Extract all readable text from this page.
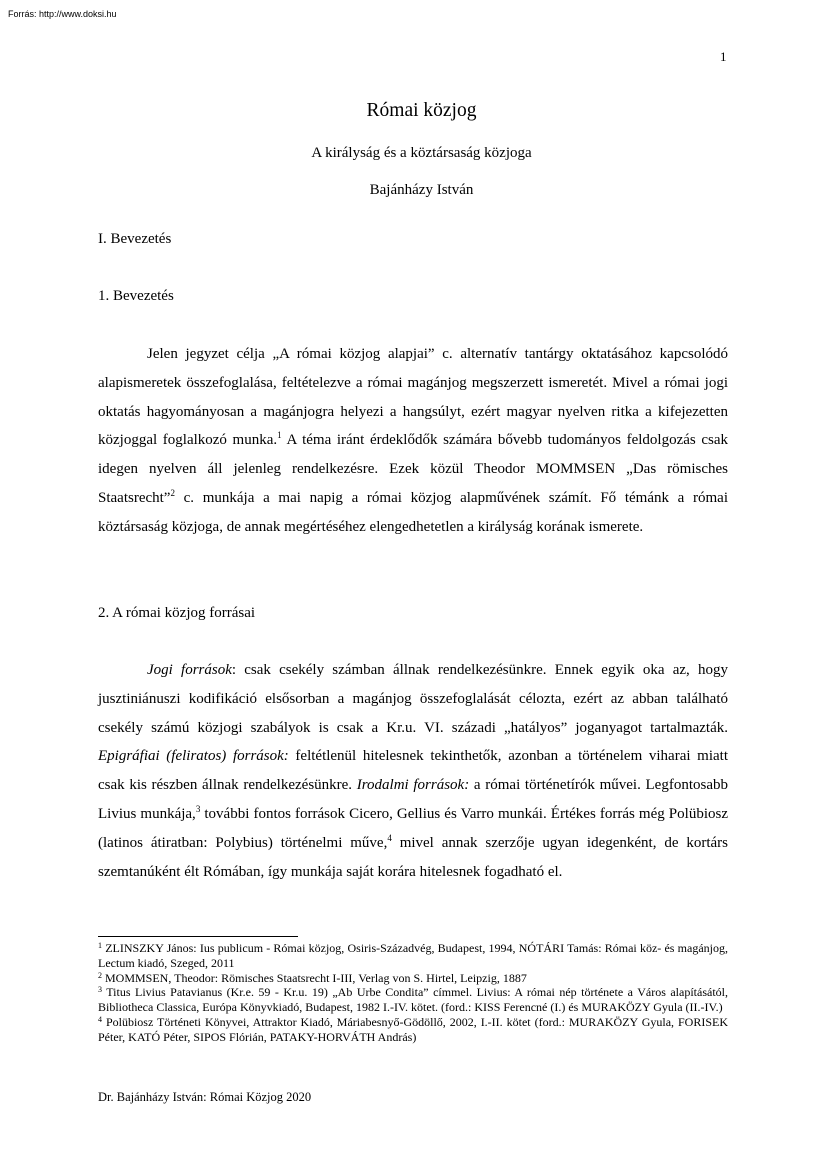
Forrás: http://www.doksi.hu
1
Római közjog
A királyság és a köztársaság közjoga
Bajánházy István
I. Bevezetés
1. Bevezetés

Jelen jegyzet célja „A római közjog alapjai” c. alternatív tantárgy oktatásához kapcsolódó alapismeretek összefoglalása, feltételezve a római magánjog megszerzett ismeretét. Mivel a római jogi oktatás hagyományosan a magánjogra helyezi a hangsúlyt, ezért magyar nyelven ritka a kifejezetten közjoggal foglalkozó munka.$^1$ A téma iránt érdeklődők számára bővebb tudományos feldolgozás csak idegen nyelven áll jelenleg rendelkezésre. Ezek közül Theodor MOMMSEN „Das römisches Staatsrecht”$^2$ c. munkája a mai napig a római közjog alapművének számít. Fő témánk a római köztársaság közjoga, de annak megértéséhez elengedhetetlen a királyság korának ismerete.

2. A római közjog forrásai

Jogi források: csak csekély számban állnak rendelkezésünkre. Ennek egyik oka az, hogy jusztiniánuszi kodifikáció elsősorban a magánjog összefoglalását célozta, ezért az abban található csekély számú közjogi szabályok is csak a Kr.u. VI. századi „hatályos” joganyagot tartalmazták. Epigráfiai (feliratos) források: feltétlenül hitelesnek tekinthetők, azonban a történelem viharai miatt csak kis részben állnak rendelkezésünkre. Irodalmi források: a római történetírók művei. Legfontosabb Livius munkája,$^3$ további fontos források Cicero, Gellius és Varro munkái. Értékes forrás még Polübiosz (latinos átiratban: Polybius) történelmi műve,$^4$ mivel annak szerzője ugyan idegenként, de kortárs szemtanúként élt Rómában, így munkája saját korára hitelesnek fogadható el.

$^1$ ZLINSZKY János: Ius publicum - Római közjog, Osiris-Századvég, Budapest, 1994, NÓTÁRI Tamás: Római köz- és magánjog, Lectum kiadó, Szeged, 2011

$^2$ MOMMSEN, Theodor: Römisches Staatsrecht I-III, Verlag von S. Hirtel, Leipzig, 1887

$^3$ Titus Livius Patavianus (Kr.e. 59 - Kr.u. 19) „Ab Urbe Condita” címmel. Livius: A római nép története a Város alapításától, Bibliotheca Classica, Európa Könyvkiadó, Budapest, 1982 I.-IV. kötet. (ford.: KISS Ferencné (I.) és MURAKÖZY Gyula (II.-IV.)

$^4$ Polübiosz Történeti Könyvei, Attraktor Kiadó, Máriabesnyő-Gödöllő, 2002, I.-II. kötet (ford.: MURAKÖZY Gyula, FORISEK Péter, KATÓ Péter, SIPOS Flórián, PATAKY-HORVÁTH András)

Dr. Bajánházy István: Római Közjog 2020
